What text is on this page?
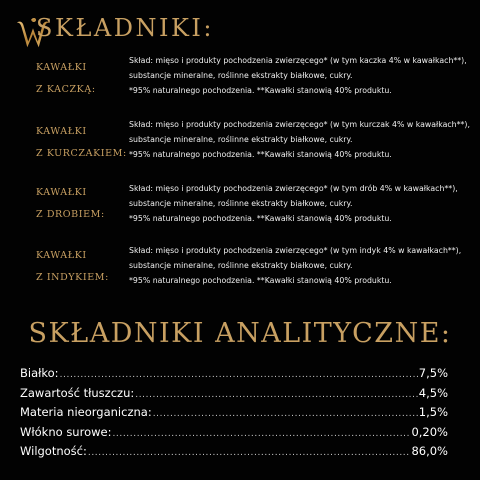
SKŁADNIKI:
KAWAŁKI
Z KACZKĄ:
Skład: mięso i produkty pochodzenia zwierzęcego* (w tym kaczka 4% w kawałkach**),
substancje mineralne, roślinne ekstrakty białkowe, cukry.
*95% naturalnego pochodzenia. **Kawałki stanowią 40% produktu.
KAWAŁKI
Z KURCZAKIEM:
Skład: mięso i produkty pochodzenia zwierzęcego* (w tym kurczak 4% w kawałkach**),
substancje mineralne, roślinne ekstrakty białkowe, cukry.
*95% naturalnego pochodzenia. **Kawałki stanowią 40% produktu.
KAWAŁKI
Z DROBIEM:
Skład: mięso i produkty pochodzenia zwierzęcego* (w tym drób 4% w kawałkach**),
substancje mineralne, roślinne ekstrakty białkowe, cukry.
*95% naturalnego pochodzenia. **Kawałki stanowią 40% produktu.
KAWAŁKI
Z INDYKIEM:
Skład: mięso i produkty pochodzenia zwierzęcego* (w tym indyk 4% w kawałkach**),
substancje mineralne, roślinne ekstrakty białkowe, cukry.
*95% naturalnego pochodzenia. **Kawałki stanowią 40% produktu.
SKŁADNIKI ANALITYCZNE:
Białko: .....	7,5%
Zawartość tłuszczu: .....	4,5%
Materia nieorganiczna: .....	1,5%
Włókno surowe: .....	0,20%
Wilgotność: .....	86,0%
